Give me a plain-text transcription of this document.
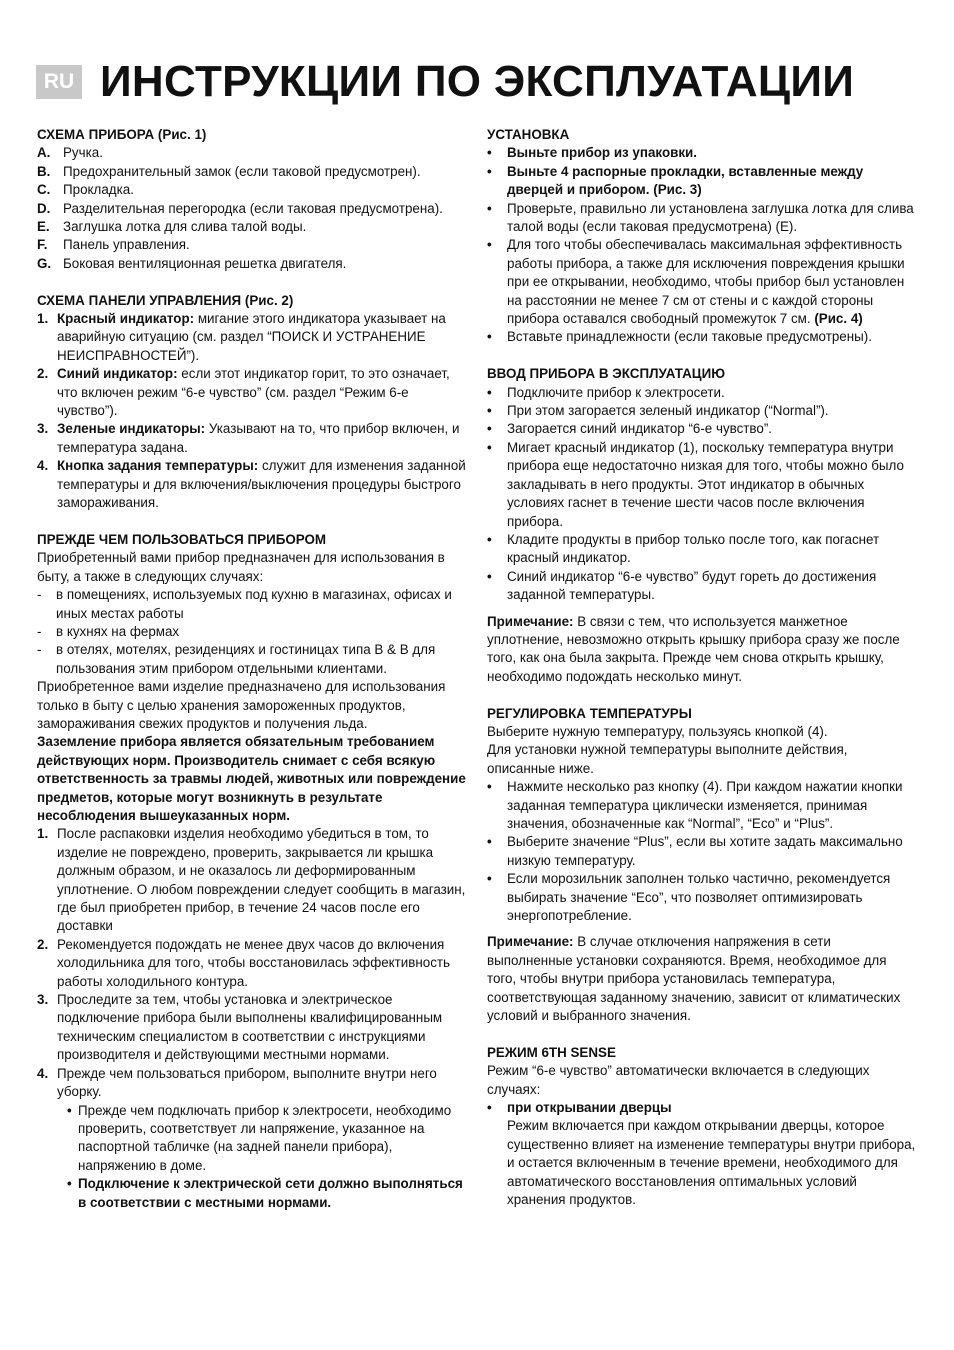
RU ИНСТРУКЦИИ ПО ЭКСПЛУАТАЦИИ
СХЕМА ПРИБОРА (Рис. 1)
A. Ручка.
B. Предохранительный замок (если таковой предусмотрен).
C. Прокладка.
D. Разделительная перегородка (если таковая предусмотрена).
E. Заглушка лотка для слива талой воды.
F. Панель управления.
G. Боковая вентиляционная решетка двигателя.
СХЕМА ПАНЕЛИ УПРАВЛЕНИЯ (Рис. 2)
1. Красный индикатор: мигание этого индикатора указывает на аварийную ситуацию (см. раздел “ПОИСК И УСТРАНЕНИЕ НЕИСПРАВНОСТЕЙ”).
2. Синий индикатор: если этот индикатор горит, то это означает, что включен режим “6-е чувство” (см. раздел “Режим 6-е чувство”).
3. Зеленые индикаторы: Указывают на то, что прибор включен, и температура задана.
4. Кнопка задания температуры: служит для изменения заданной температуры и для включения/выключения процедуры быстрого замораживания.
ПРЕЖДЕ ЧЕМ ПОЛЬЗОВАТЬСЯ ПРИБОРОМ

Приобретенный вами прибор предназначен для использования в быту, а также в следующих случаях:

- в помещениях, используемых под кухню в магазинах, офисах и иных местах работы
- в кухнях на фермах
- в отелях, мотелях, резиденциях и гостиницах типа B & B для пользования этим прибором отдельными клиентами.

Приобретенное вами изделие предназначено для использования только в быту с целью хранения замороженных продуктов, замораживания свежих продуктов и получения льда.

Заземление прибора является обязательным требованием действующих норм. Производитель снимает с себя всякую ответственность за травмы людей, животных или повреждение предметов, которые могут возникнуть в результате несоблюдения вышеуказанных норм.

1. После распаковки изделия необходимо убедиться в том, то изделие не повреждено, проверить, закрывается ли крышка должным образом, и не оказалось ли деформированным уплотнение. О любом повреждении следует сообщить в магазин, где был приобретен прибор, в течение 24 часов после его доставки
2. Рекомендуется подождать не менее двух часов до включения холодильника для того, чтобы восстановилась эффективность работы холодильного контура.
3. Проследите за тем, чтобы установка и электрическое подключение прибора были выполнены квалифицированным техническим специалистом в соответствии с инструкциями производителя и действующими местными нормами.
4. Прежде чем пользоваться прибором, выполните внутри него уборку.
• Прежде чем подключать прибор к электросети, необходимо проверить, соответствует ли напряжение, указанное на паспортной табличке (на задней панели прибора), напряжению в доме.
• Подключение к электрической сети должно выполняться в соответствии с местными нормами.
УСТАНОВКА
• Выньте прибор из упаковки.
• Выньте 4 распорные прокладки, вставленные между дверцей и прибором. (Рис. 3)
• Проверьте, правильно ли установлена заглушка лотка для слива талой воды (если таковая предусмотрена) (E).
• Для того чтобы обеспечивалась максимальная эффективность работы прибора, а также для исключения повреждения крышки при ее открывании, необходимо, чтобы прибор был установлен на расстоянии не менее 7 см от стены и с каждой стороны прибора оставался свободный промежуток 7 см. (Рис. 4)
• Вставьте принадлежности (если таковые предусмотрены).
ВВОД ПРИБОРА В ЭКСПЛУАТАЦИЮ
• Подключите прибор к электросети.
• При этом загорается зеленый индикатор (“Normal”).
• Загорается синий индикатор “6-е чувство”.
• Мигает красный индикатор (1), поскольку температура внутри прибора еще недостаточно низкая для того, чтобы можно было закладывать в него продукты. Этот индикатор в обычных условиях гаснет в течение шести часов после включения прибора.
• Кладите продукты в прибор только после того, как погаснет красный индикатор.
• Синий индикатор “6-е чувство” будут гореть до достижения заданной температуры.

Примечание: В связи с тем, что используется манжетное уплотнение, невозможно открыть крышку прибора сразу же после того, как она была закрыта. Прежде чем снова открыть крышку, необходимо подождать несколько минут.

РЕГУЛИРОВКА ТЕМПЕРАТУРЫ

Выберите нужную температуру, пользуясь кнопкой (4).

Для установки нужной температуры выполните действия, описанные ниже.

• Нажмите несколько раз кнопку (4). При каждом нажатии кнопки заданная температура циклически изменяется, принимая значения, обозначенные как “Normal”, “Eco” и “Plus”.
• Выберите значение “Plus”, если вы хотите задать максимально низкую температуру.
• Если морозильник заполнен только частично, рекомендуется выбирать значение “Eco”, что позволяет оптимизировать энергопотребление.

Примечание: В случае отключения напряжения в сети выполненные установки сохраняются. Время, необходимое для того, чтобы внутри прибора установилась температура, соответствующая заданному значению, зависит от климатических условий и выбранного значения.

РЕЖИМ 6TH SENSE

Режим “6-е чувство” автоматически включается в следующих случаях:

• при открывании дверцы
Режим включается при каждом открывании дверцы, которое существенно влияет на изменение температуры внутри прибора, и остается включенным в течение времени, необходимого для автоматического восстановления оптимальных условий хранения продуктов.
